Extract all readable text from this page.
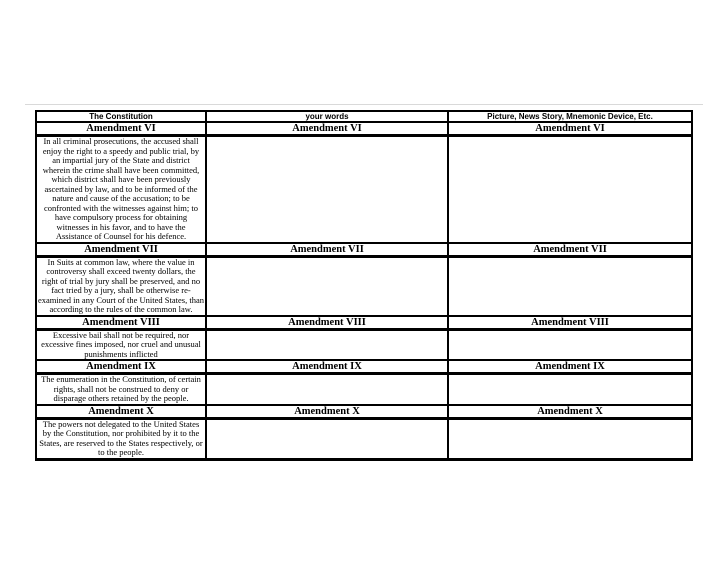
The Constitution	your words	Picture, News Story, Mnemonic Device, Etc.
Amendment VI	Amendment VI	Amendment VI
In all criminal prosecutions, the accused shall enjoy the right to a speedy and public trial, by an impartial jury of the State and district wherein the crime shall have been committed, which district shall have been previously ascertained by law, and to be informed of the nature and cause of the accusation; to be confronted with the witnesses against him; to have compulsory process for obtaining witnesses in his favor, and to have the Assistance of Counsel for his defence.		
Amendment VII	Amendment VII	Amendment VII
In Suits at common law, where the value in controversy shall exceed twenty dollars, the right of trial by jury shall be preserved, and no fact tried by a jury, shall be otherwise re-examined in any Court of the United States, than according to the rules of the common law.		
Amendment VIII	Amendment VIII	Amendment VIII
Excessive bail shall not be required, nor excessive fines imposed, nor cruel and unusual punishments inflicted		
Amendment IX	Amendment IX	Amendment IX
The enumeration in the Constitution, of certain rights, shall not be construed to deny or disparage others retained by the people.		
Amendment X	Amendment X	Amendment X
The powers not delegated to the United States by the Constitution, nor prohibited by it to the States, are reserved to the States respectively, or to the people.		
